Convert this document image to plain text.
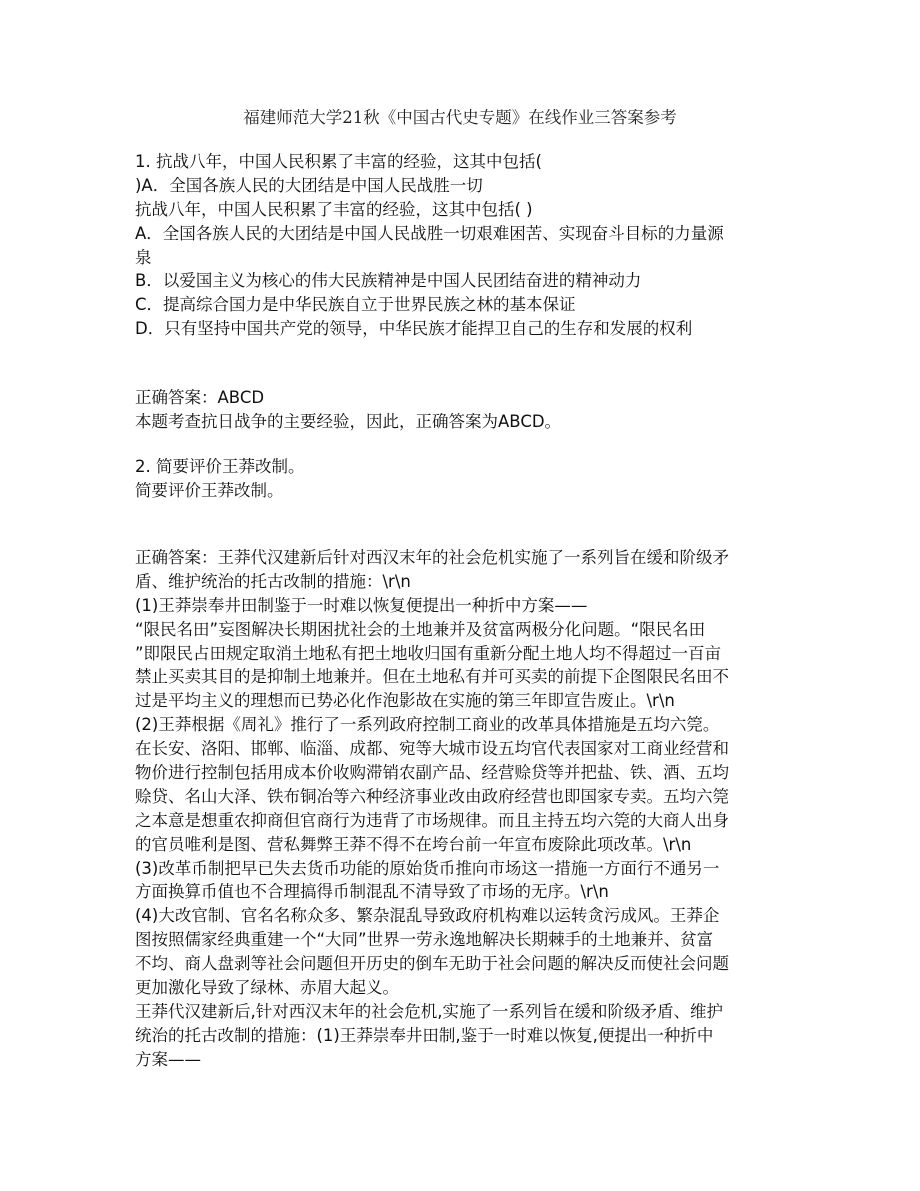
福建师范大学21秋《中国古代史专题》在线作业三答案参考
1. 抗战八年，中国人民积累了丰富的经验，这其中包括(
)A．全国各族人民的大团结是中国人民战胜一切
抗战八年，中国人民积累了丰富的经验，这其中包括( )
A．全国各族人民的大团结是中国人民战胜一切艰难困苦、实现奋斗目标的力量源
泉
B．以爱国主义为核心的伟大民族精神是中国人民团结奋进的精神动力
C．提高综合国力是中华民族自立于世界民族之林的基本保证
D．只有坚持中国共产党的领导，中华民族才能捍卫自己的生存和发展的权利
正确答案：ABCD
本题考查抗日战争的主要经验，因此，正确答案为ABCD。
2. 简要评价王莽改制。
简要评价王莽改制。
正确答案：王莽代汉建新后针对西汉末年的社会危机实施了一系列旨在缓和阶级矛
盾、维护统治的托古改制的措施：\r\n
(1)王莽崇奉井田制鉴于一时难以恢复便提出一种折中方案——
“限民名田”妄图解决长期困扰社会的土地兼并及贫富两极分化问题。“限民名田
”即限民占田规定取消土地私有把土地收归国有重新分配土地人均不得超过一百亩
禁止买卖其目的是抑制土地兼并。但在土地私有并可买卖的前提下企图限民名田不
过是平均主义的理想而已势必化作泡影故在实施的第三年即宣告废止。\r\n
(2)王莽根据《周礼》推行了一系列政府控制工商业的改革具体措施是五均六筦。
在长安、洛阳、邯郸、临淄、成都、宛等大城市设五均官代表国家对工商业经营和
物价进行控制包括用成本价收购滞销农副产品、经营赊贷等并把盐、铁、酒、五均
赊贷、名山大泽、铁布铜冶等六种经济事业改由政府经营也即国家专卖。五均六筦
之本意是想重农抑商但官商行为违背了市场规律。而且主持五均六筦的大商人出身
的官员唯利是图、营私舞弊王莽不得不在垮台前一年宣布废除此项改革。\r\n
(3)改革币制把早已失去货币功能的原始货币推向市场这一措施一方面行不通另一
方面换算币值也不合理搞得币制混乱不清导致了市场的无序。\r\n
(4)大改官制、官名名称众多、繁杂混乱导致政府机构难以运转贪污成风。王莽企
图按照儒家经典重建一个“大同”世界一劳永逸地解决长期棘手的土地兼并、贫富
不均、商人盘剥等社会问题但开历史的倒车无助于社会问题的解决反而使社会问题
更加激化导致了绿林、赤眉大起义。
王莽代汉建新后,针对西汉末年的社会危机,实施了一系列旨在缓和阶级矛盾、维护
统治的托古改制的措施：(1)王莽崇奉井田制,鉴于一时难以恢复,便提出一种折中
方案——
